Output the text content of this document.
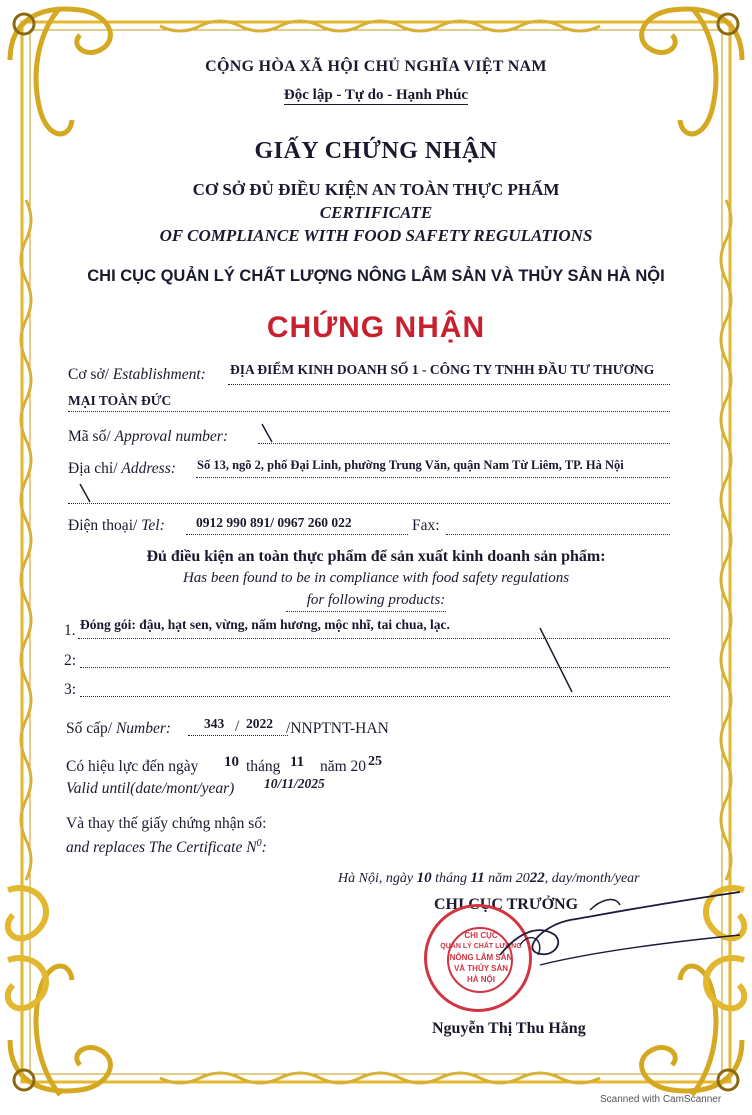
CỘNG HÒA XÃ HỘI CHỦ NGHĨA VIỆT NAM
Độc lập - Tự do - Hạnh Phúc
GIẤY CHỨNG NHẬN
CƠ SỞ ĐỦ ĐIỀU KIỆN AN TOÀN THỰC PHẨM
CERTIFICATE
OF COMPLIANCE WITH FOOD SAFETY REGULATIONS
CHI CỤC QUẢN LÝ CHẤT LƯỢNG NÔNG LÂM SẢN VÀ THỦY SẢN HÀ NỘI
CHỨNG NHẬN
Cơ sở/ Establishment: ĐỊA ĐIỂM KINH DOANH SỐ 1 - CÔNG TY TNHH ĐẦU TƯ THƯƠNG
MẠI TOÀN ĐỨC
Mã số/ Approval number:
Địa chỉ/ Address: Số 13, ngõ 2, phố Đại Linh, phường Trung Văn, quận Nam Từ Liêm, TP. Hà Nội
Điện thoại/ Tel: 0912 990 891/ 0967 260 022	Fax:
Đủ điều kiện an toàn thực phẩm để sản xuất kinh doanh sản phẩm:
Has been found to be in compliance with food safety regulations
for following products:
1. Đóng gói: đậu, hạt sen, vừng, nấm hương, mộc nhĩ, tai chua, lạc.
2:
3:
Số cấp/ Number: 343 / 2022 /NNPTNT-HAN
Có hiệu lực đến ngày 10 tháng 11 năm 20 25
Valid until(date/mont/year) 10/11/2025
Và thay thế giấy chứng nhận số:
and replaces The Certificate $N^0$:
Hà Nội, ngày 10 tháng 11 năm 2022, day/month/year
CHI CỤC TRƯỞNG
CHI CỤC
QUẢN LÝ CHẤT LƯỢNG
NÔNG LÂM SẢN
VÀ THỦY SẢN
HÀ NỘI
Nguyễn Thị Thu Hằng
Scanned with CamScanner
